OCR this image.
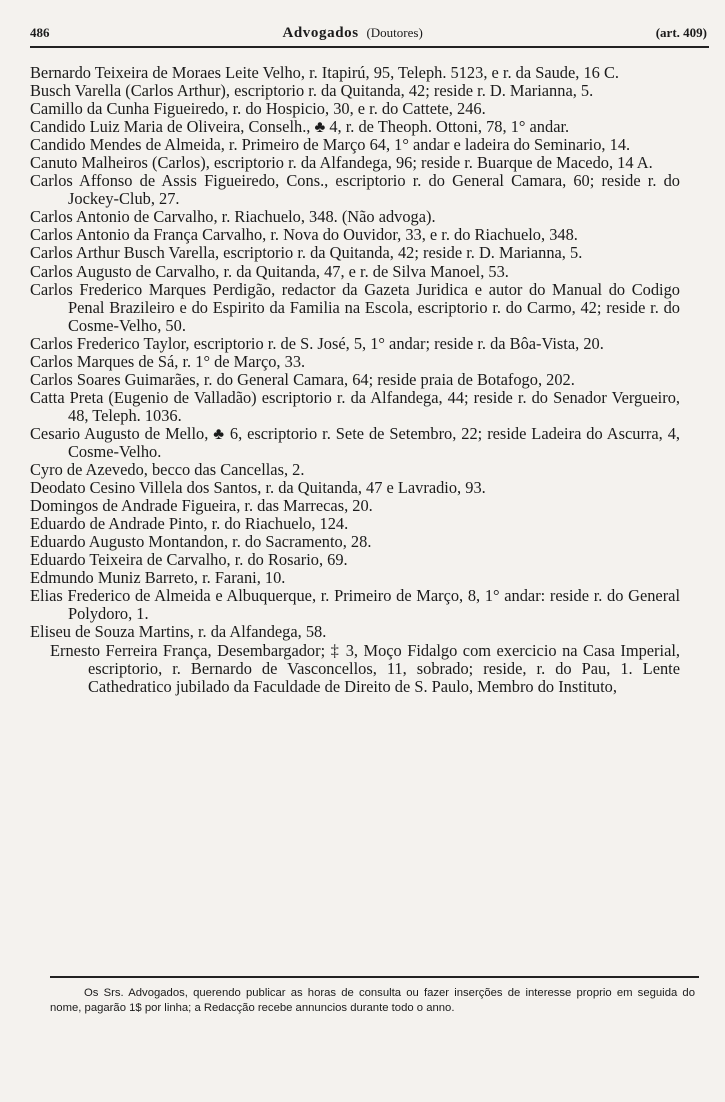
486	Advogados (Doutores)	(art. 409)

Bernardo Teixeira de Moraes Leite Velho, r. Itapirú, 95, Teleph. 5123, e r. da Saude, 16 C.

Busch Varella (Carlos Arthur), escriptorio r. da Quitanda, 42; reside r. D. Marianna, 5.

Camillo da Cunha Figueiredo, r. do Hospicio, 30, e r. do Cattete, 246.

Candido Luiz Maria de Oliveira, Conselh., ♣ 4, r. de Theoph. Ottoni, 78, 1° andar.

Candido Mendes de Almeida, r. Primeiro de Março 64, 1° andar e ladeira do Seminario, 14.

Canuto Malheiros (Carlos), escriptorio r. da Alfandega, 96; reside r. Buarque de Macedo, 14 A.

Carlos Affonso de Assis Figueiredo, Cons., escriptorio r. do General Camara, 60; reside r. do Jockey-Club, 27.

Carlos Antonio de Carvalho, r. Riachuelo, 348. (Não advoga).

Carlos Antonio da França Carvalho, r. Nova do Ouvidor, 33, e r. do Riachuelo, 348.

Carlos Arthur Busch Varella, escriptorio r. da Quitanda, 42; reside r. D. Marianna, 5.

Carlos Augusto de Carvalho, r. da Quitanda, 47, e r. de Silva Manoel, 53.

Carlos Frederico Marques Perdigão, redactor da Gazeta Juridica e autor do Manual do Codigo Penal Brazileiro e do Espirito da Familia na Escola, escriptorio r. do Carmo, 42; reside r. do Cosme-Velho, 50.

Carlos Frederico Taylor, escriptorio r. de S. José, 5, 1° andar; reside r. da Bôa-Vista, 20.

Carlos Marques de Sá, r. 1° de Março, 33.

Carlos Soares Guimarães, r. do General Camara, 64; reside praia de Botafogo, 202.

Catta Preta (Eugenio de Valladão) escriptorio r. da Alfandega, 44; reside r. do Senador Vergueiro, 48, Teleph. 1036.

Cesario Augusto de Mello, ♣ 6, escriptorio r. Sete de Setembro, 22; reside Ladeira do Ascurra, 4, Cosme-Velho.

Cyro de Azevedo, becco das Cancellas, 2.

Deodato Cesino Villela dos Santos, r. da Quitanda, 47 e Lavradio, 93.

Domingos de Andrade Figueira, r. das Marrecas, 20.

Eduardo de Andrade Pinto, r. do Riachuelo, 124.

Eduardo Augusto Montandon, r. do Sacramento, 28.

Eduardo Teixeira de Carvalho, r. do Rosario, 69.

Edmundo Muniz Barreto, r. Farani, 10.

Elias Frederico de Almeida e Albuquerque, r. Primeiro de Março, 8, 1° andar: reside r. do General Polydoro, 1.

Eliseu de Souza Martins, r. da Alfandega, 58.

Ernesto Ferreira França, Desembargador; ‡ 3, Moço Fidalgo com exercicio na Casa Imperial, escriptorio, r. Bernardo de Vasconcellos, 11, sobrado; reside, r. do Pau, 1. Lente Cathedratico jubilado da Faculdade de Direito de S. Paulo, Membro do Instituto,

Os Srs. Advogados, querendo publicar as horas de consulta ou fazer inserções de interesse proprio em seguida do nome, pagarão 1$ por linha; a Redacção recebe annuncios durante todo o anno.
